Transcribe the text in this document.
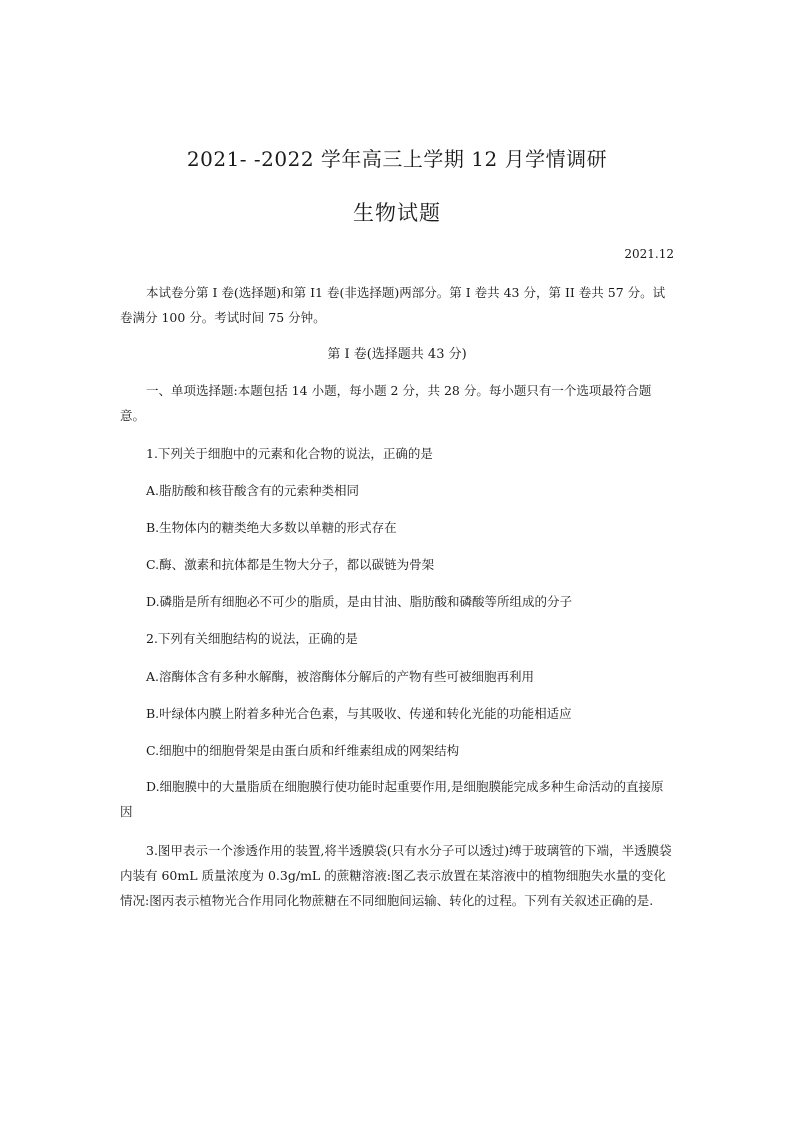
2021- -2022 学年高三上学期 12 月学情调研
生物试题
2021.12
本试卷分第 I 卷(选择题)和第 I1 卷(非选择题)两部分。第 I 卷共 43 分，第 II 卷共 57 分。试卷满分 100 分。考试时间 75 分钟。
第 I 卷(选择题共 43 分)
一、单项选择题:本题包括 14 小题，每小题 2 分，共 28 分。每小题只有一个选项最符合题意。
1.下列关于细胞中的元素和化合物的说法，正确的是
A.脂肪酸和核苷酸含有的元索种类相同
B.生物体内的糖类绝大多数以单糖的形式存在
C.酶、激素和抗体都是生物大分子，都以碳链为骨架
D.磷脂是所有细胞必不可少的脂质，是由甘油、脂肪酸和磷酸等所组成的分子
2.下列有关细胞结构的说法，正确的是
A.溶酶体含有多种水解酶，被溶酶体分解后的产物有些可被细胞再利用
B.叶绿体内膜上附着多种光合色素，与其吸收、传递和转化光能的功能相适应
C.细胞中的细胞骨架是由蛋白质和纤维素组成的网架结构
D.细胞膜中的大量脂质在细胞膜行使功能时起重要作用,是细胞膜能完成多种生命活动的直接原因
3.图甲表示一个渗透作用的装置,将半透膜袋(只有水分子可以透过)缚于玻璃管的下端，半透膜袋内装有 60mL 质量浓度为 0.3g/mL 的蔗糖溶液:图乙表示放置在某溶液中的植物细胞失水量的变化情况:图丙表示植物光合作用同化物蔗糖在不同细胞间运输、转化的过程。下列有关叙述正确的是.
